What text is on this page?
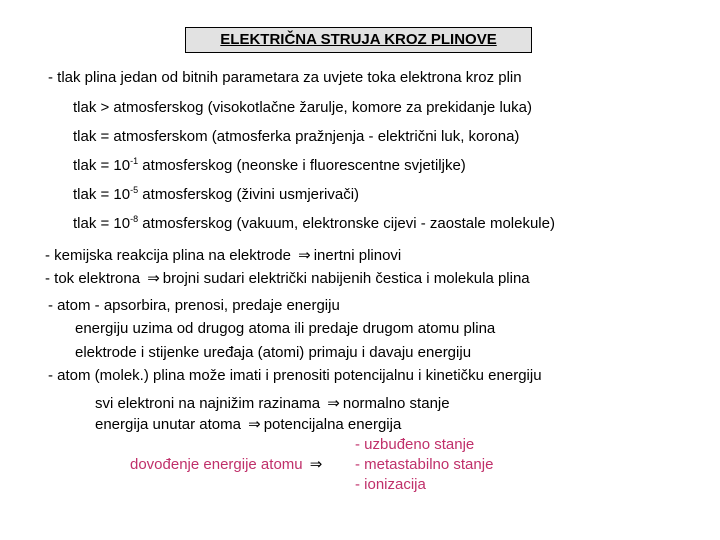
ELEKTRIČNA STRUJA KROZ PLINOVE
- tlak plina jedan od bitnih parametara za uvjete toka elektrona kroz plin
tlak > atmosferskog (visokotlačne žarulje, komore za prekidanje luka)
tlak = atmosferskom (atmosferka pražnjenja - električni luk, korona)
tlak = $10^{-1}$ atmosferskog (neonske i fluorescentne svjetiljke)
tlak = $10^{-5}$ atmosferskog (živini usmjerivači)
tlak = $10^{-8}$ atmosferskog (vakuum, elektronske cijevi - zaostale molekule)
- kemijska reakcija plina na elektrode ⇒ inertni plinovi
- tok elektrona ⇒ brojni sudari električki nabijenih čestica i molekula plina
- atom - apsorbira, prenosi, predaje energiju
energiju uzima od drugog atoma ili predaje drugom atomu plina
elektrode i stijenke uređaja (atomi) primaju i davaju energiju
- atom (molek.) plina može imati i prenositi potencijalnu i kinetičku energiju
svi elektroni na najnižim razinama ⇒ normalno stanje
energija unutar atoma ⇒ potencijalna energija
- uzbuđeno stanje
dovođenje energije atomu ⇒ - metastabilno stanje
- ionizacija
